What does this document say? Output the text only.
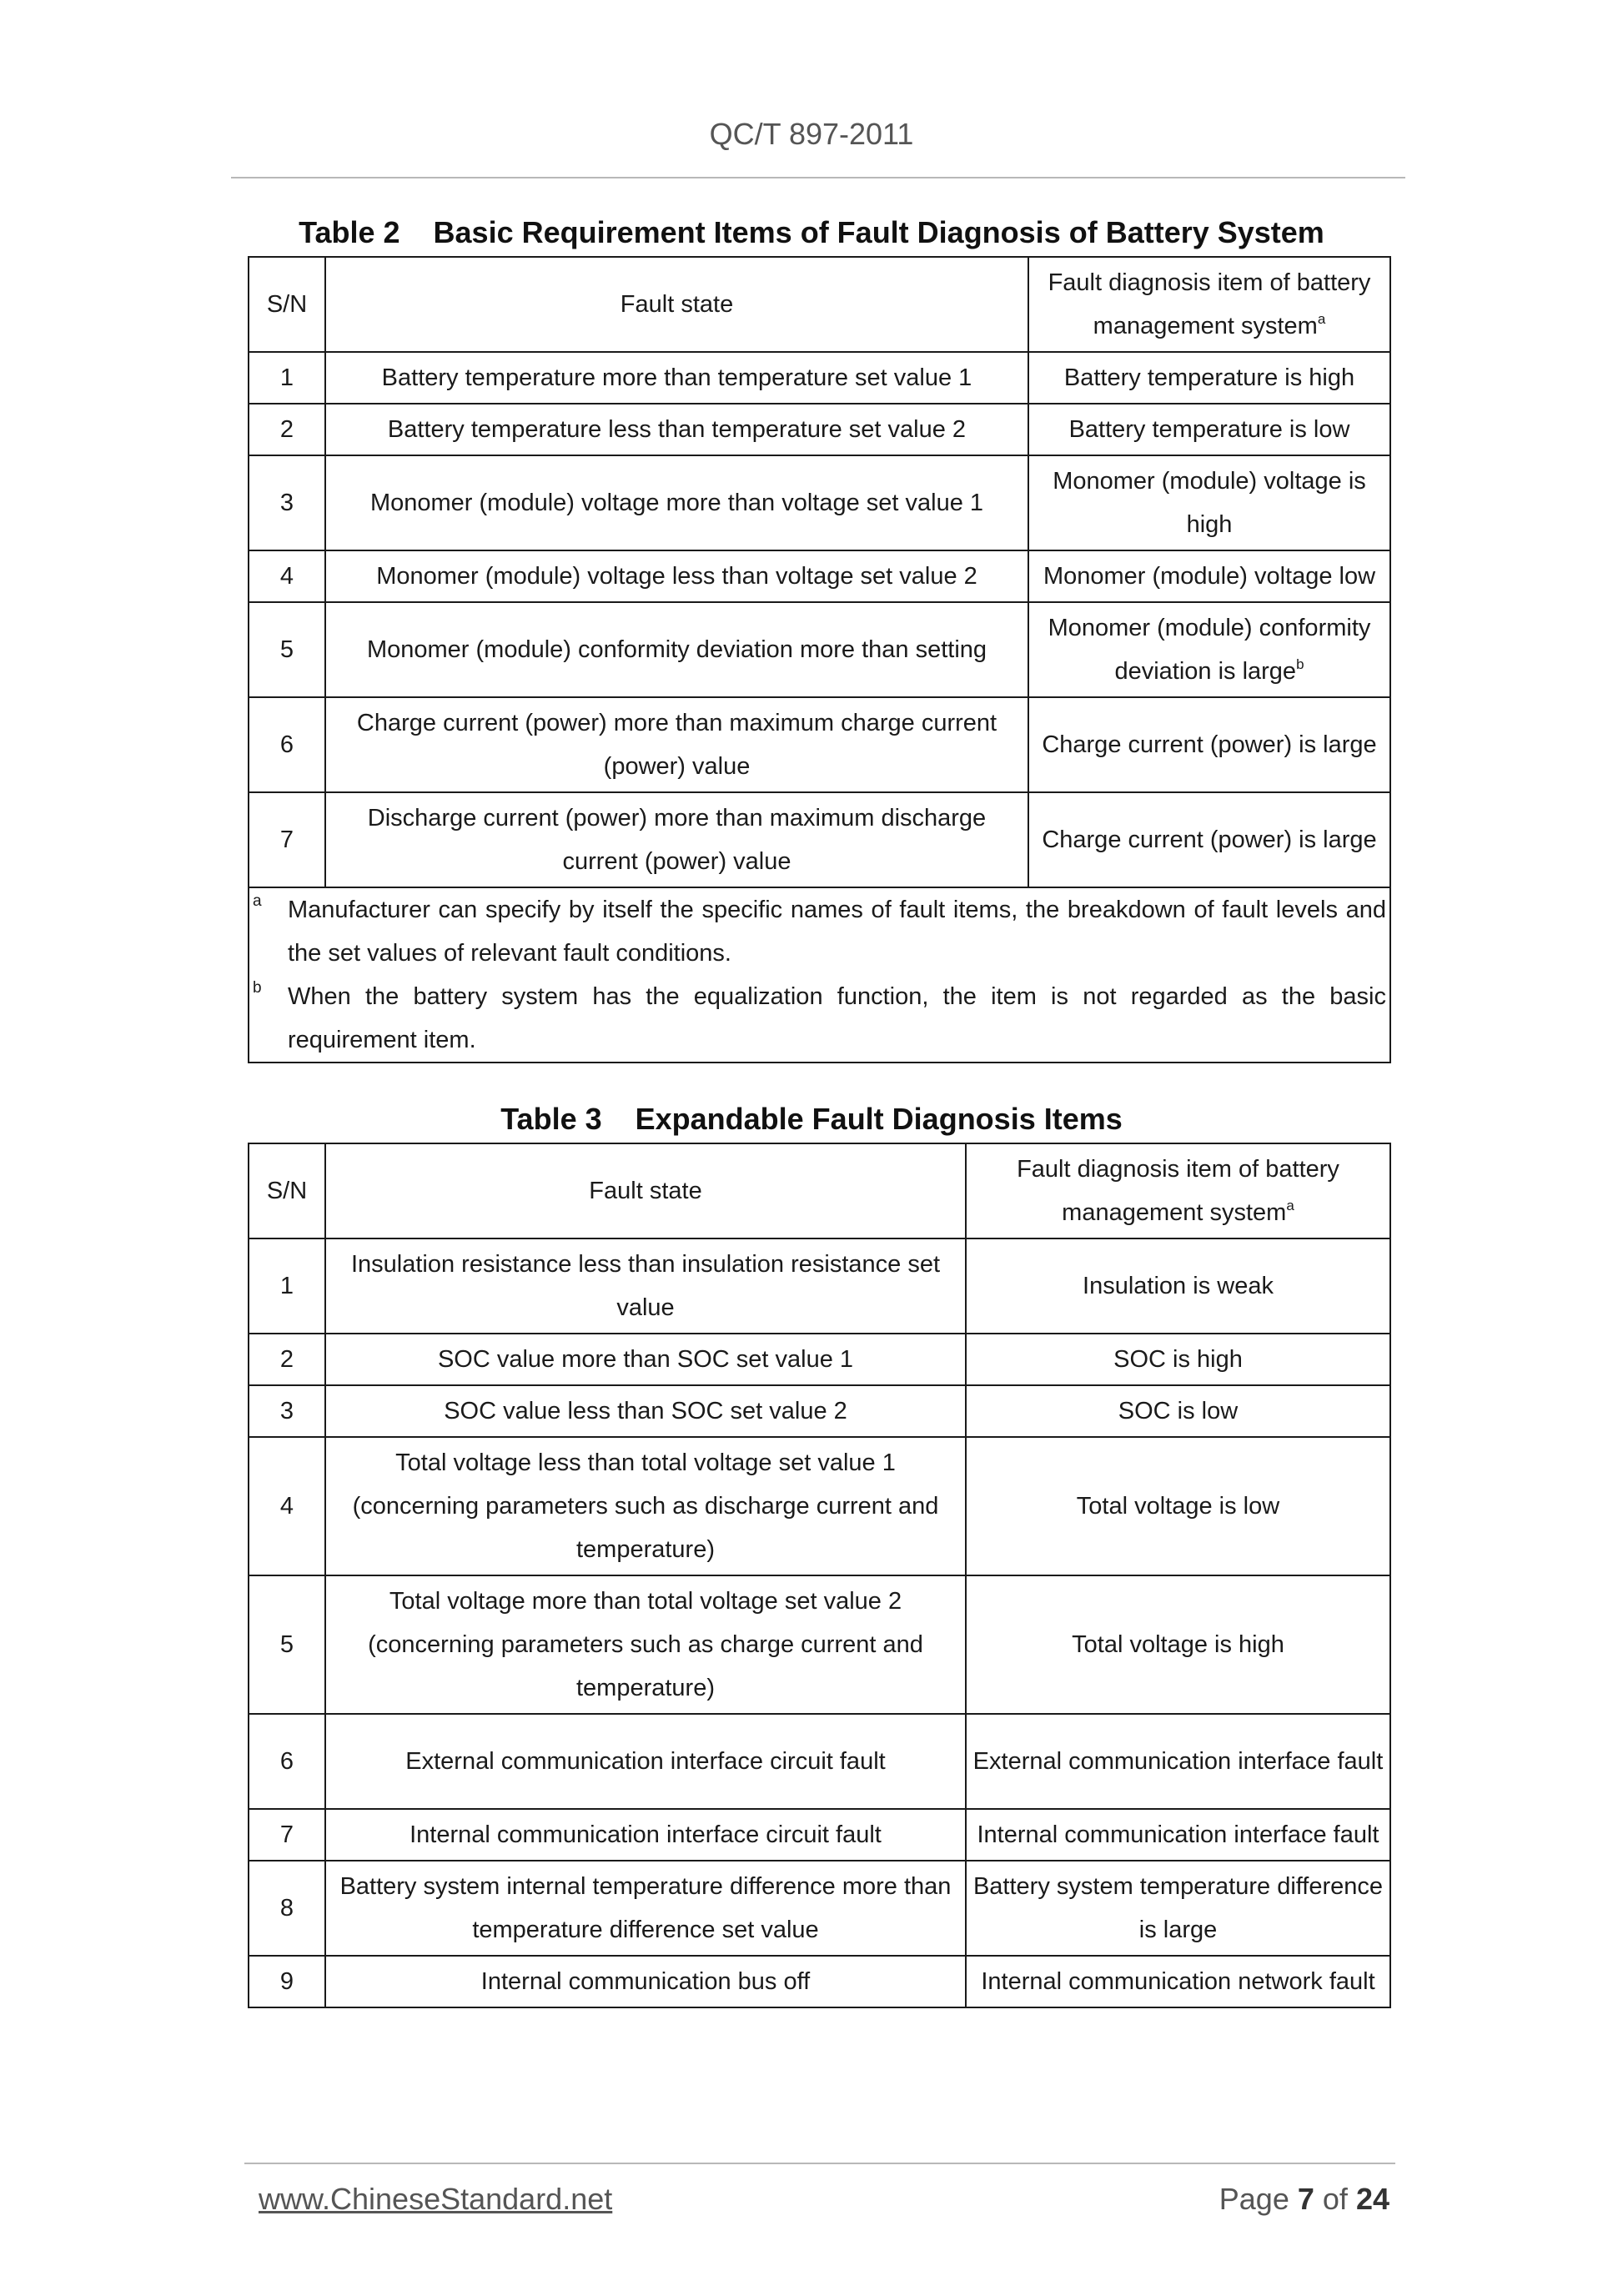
QC/T 897-2011
Table 2    Basic Requirement Items of Fault Diagnosis of Battery System
S/N	Fault state	Fault diagnosis item of battery management system$^a$
1	Battery temperature more than temperature set value 1	Battery temperature is high
2	Battery temperature less than temperature set value 2	Battery temperature is low
3	Monomer (module) voltage more than voltage set value 1	Monomer (module) voltage is high
4	Monomer (module) voltage less than voltage set value 2	Monomer (module) voltage low
5	Monomer (module) conformity deviation more than setting	Monomer (module) conformity deviation is large$^b$
6	Charge current (power) more than maximum charge current (power) value	Charge current (power) is large
7	Discharge current (power) more than maximum discharge current (power) value	Charge current (power) is large

a Manufacturer can specify by itself the specific names of fault items, the breakdown of fault levels and the set values of relevant fault conditions.
b When the battery system has the equalization function, the item is not regarded as the basic requirement item.		
Table 3    Expandable Fault Diagnosis Items
S/N	Fault state	Fault diagnosis item of battery management system$^a$
1	Insulation resistance less than insulation resistance set value	Insulation is weak
2	SOC value more than SOC set value 1	SOC is high
3	SOC value less than SOC set value 2	SOC is low
4	Total voltage less than total voltage set value 1 (concerning parameters such as discharge current and temperature)	Total voltage is low
5	Total voltage more than total voltage set value 2 (concerning parameters such as charge current and temperature)	Total voltage is high
6	External communication interface circuit fault	External communication interface fault
7	Internal communication interface circuit fault	Internal communication interface fault
8	Battery system internal temperature difference more than temperature difference set value	Battery system temperature difference is large
9	Internal communication bus off	Internal communication network fault
www.ChineseStandard.net	Page 7 of 24
